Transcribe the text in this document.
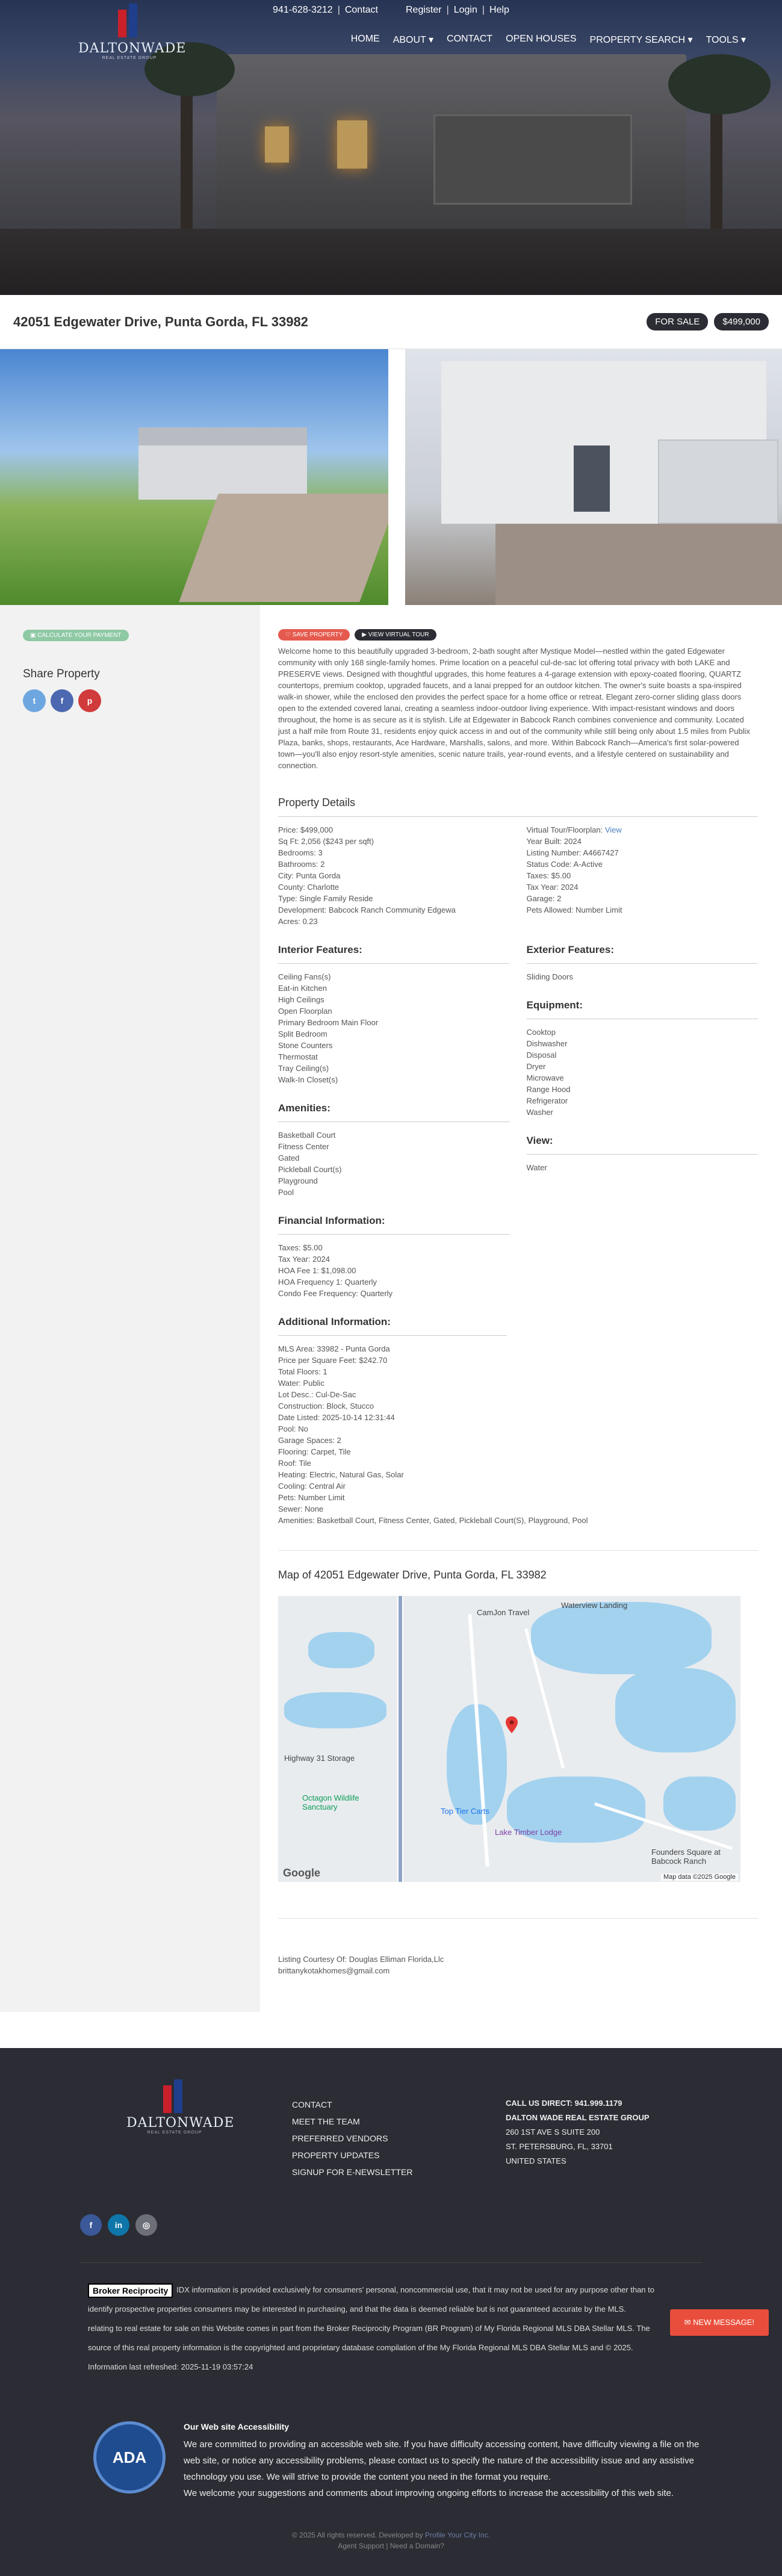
941-628-3212 | Contact	Register | Login | Help
DALTONWADE
REAL ESTATE GROUP
HOME ABOUT ▾ CONTACT OPEN HOUSES PROPERTY SEARCH ▾ TOOLS ▾
42051 Edgewater Drive, Punta Gorda, FL 33982	FOR SALE	$499,000
▣ CALCULATE YOUR PAYMENT
Share Property
t	f	p
♡ SAVE PROPERTY	▶ VIEW VIRTUAL TOUR

Welcome home to this beautifully upgraded 3-bedroom, 2-bath sought after Mystique Model—nestled within the gated Edgewater community with only 168 single-family homes. Prime location on a peaceful cul-de-sac lot offering total privacy with both LAKE and PRESERVE views. Designed with thoughtful upgrades, this home features a 4-garage extension with epoxy-coated flooring, QUARTZ countertops, premium cooktop, upgraded faucets, and a lanai prepped for an outdoor kitchen. The owner's suite boasts a spa-inspired walk-in shower, while the enclosed den provides the perfect space for a home office or retreat. Elegant zero-corner sliding glass doors open to the extended covered lanai, creating a seamless indoor-outdoor living experience. With impact-resistant windows and doors throughout, the home is as secure as it is stylish. Life at Edgewater in Babcock Ranch combines convenience and community. Located just a half mile from Route 31, residents enjoy quick access in and out of the community while still being only about 1.5 miles from Publix Plaza, banks, shops, restaurants, Ace Hardware, Marshalls, salons, and more. Within Babcock Ranch—America's first solar-powered town—you'll also enjoy resort-style amenities, scenic nature trails, year-round events, and a lifestyle centered on sustainability and connection.

Property Details
Price: $499,000
Sq Ft: 2,056 ($243 per sqft)
Bedrooms: 3
Bathrooms: 2
City: Punta Gorda
County: Charlotte
Type: Single Family Reside
Development: Babcock Ranch Community Edgewa
Acres: 0.23
Virtual Tour/Floorplan: View
Year Built: 2024
Listing Number: A4667427
Status Code: A-Active
Taxes: $5.00
Tax Year: 2024
Garage: 2
Pets Allowed: Number Limit
Interior Features:
Ceiling Fans(s)
Eat-in Kitchen
High Ceilings
Open Floorplan
Primary Bedroom Main Floor
Split Bedroom
Stone Counters
Thermostat
Tray Ceiling(s)
Walk-In Closet(s)
Amenities:
Basketball Court
Fitness Center
Gated
Pickleball Court(s)
Playground
Pool
Financial Information:
Taxes: $5.00
Tax Year: 2024
HOA Fee 1: $1,098.00
HOA Frequency 1: Quarterly
Condo Fee Frequency: Quarterly
Exterior Features:
Sliding Doors
Equipment:
Cooktop
Dishwasher
Disposal
Dryer
Microwave
Range Hood
Refrigerator
Washer
View:
Water
Additional Information:
MLS Area: 33982 - Punta Gorda
Price per Square Feet: $242.70
Total Floors: 1
Water: Public
Lot Desc.: Cul-De-Sac
Construction: Block, Stucco
Date Listed: 2025-10-14 12:31:44
Pool: No
Garage Spaces: 2
Flooring: Carpet, Tile
Roof: Tile
Heating: Electric, Natural Gas, Solar
Cooling: Central Air
Pets: Number Limit
Sewer: None
Amenities: Basketball Court, Fitness Center, Gated, Pickleball Court(S), Playground, Pool
Map of 42051 Edgewater Drive, Punta Gorda, FL 33982
CamJon Travel
Waterview Landing
Highway 31 Storage
Octagon Wildlife Sanctuary	Top Tier Carts
Lake Timber Lodge
Founders Square at Babcock Ranch
Google	Map data ©2025 Google
Listing Courtesy Of: Douglas Elliman Florida,Llc
brittanykotakhomes@gmail.com
DALTONWADE
REAL ESTATE GROUP
CONTACT
MEET THE TEAM
PREFERRED VENDORS
PROPERTY UPDATES
SIGNUP FOR E-NEWSLETTER
CALL US DIRECT: 941.999.1179
DALTON WADE REAL ESTATE GROUP
260 1ST AVE S SUITE 200
ST. PETERSBURG, FL, 33701
UNITED STATES
f	in	◎
Broker Reciprocity IDX information is provided exclusively for consumers' personal, noncommercial use, that it may not be used for any purpose other than to
identify prospective properties consumers may be interested in purchasing, and that the data is deemed reliable but is not guaranteed accurate by the MLS.
relating to real estate for sale on this Website comes in part from the Broker Reciprocity Program (BR Program) of My Florida Regional MLS DBA Stellar MLS. The
source of this real property information is the copyrighted and proprietary database compilation of the My Florida Regional MLS DBA Stellar MLS and © 2025.
Information last refreshed: 2025-11-19 03:57:24
ADA
Our Web site Accessibility

We are committed to providing an accessible web site. If you have difficulty accessing content, have difficulty viewing a file on the web site, or notice any accessibility problems, please contact us to specify the nature of the accessibility issue and any assistive technology you use. We will strive to provide the content you need in the format you require.

We welcome your suggestions and comments about improving ongoing efforts to increase the accessibility of this web site.

© 2025 All rights reserved. Developed by Profile Your City Inc.
Agent Support | Need a Domain?
✉ NEW MESSAGE!
